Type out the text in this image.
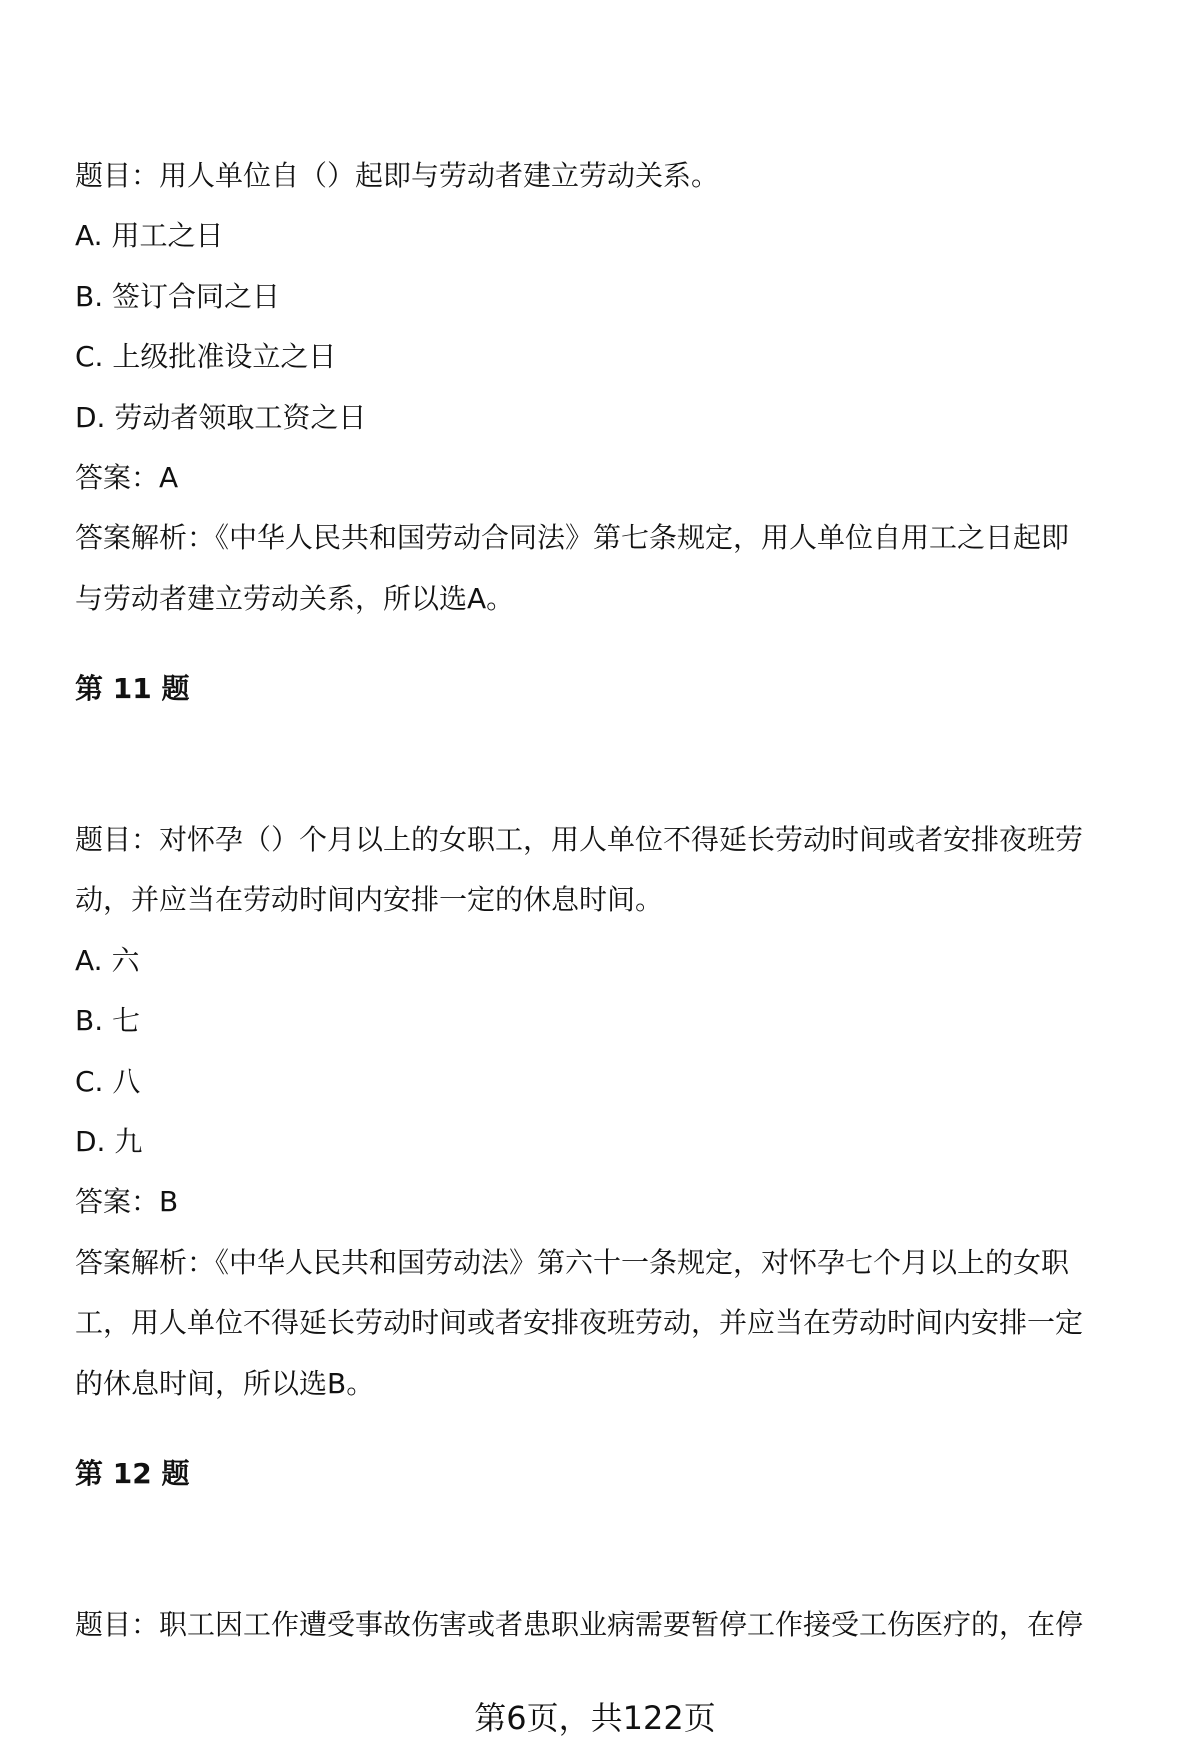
题目：用人单位自（）起即与劳动者建立劳动关系。
A. 用工之日
B. 签订合同之日
C. 上级批准设立之日
D. 劳动者领取工资之日
答案：A
答案解析：《中华人民共和国劳动合同法》第七条规定，用人单位自用工之日起即
与劳动者建立劳动关系，所以选A。
第 11 题
题目：对怀孕（）个月以上的女职工，用人单位不得延长劳动时间或者安排夜班劳
动，并应当在劳动时间内安排一定的休息时间。
A. 六
B. 七
C. 八
D. 九
答案：B
答案解析：《中华人民共和国劳动法》第六十一条规定，对怀孕七个月以上的女职
工，用人单位不得延长劳动时间或者安排夜班劳动，并应当在劳动时间内安排一定
的休息时间，所以选B。
第 12 题
题目：职工因工作遭受事故伤害或者患职业病需要暂停工作接受工伤医疗的，在停
第6页，共122页
